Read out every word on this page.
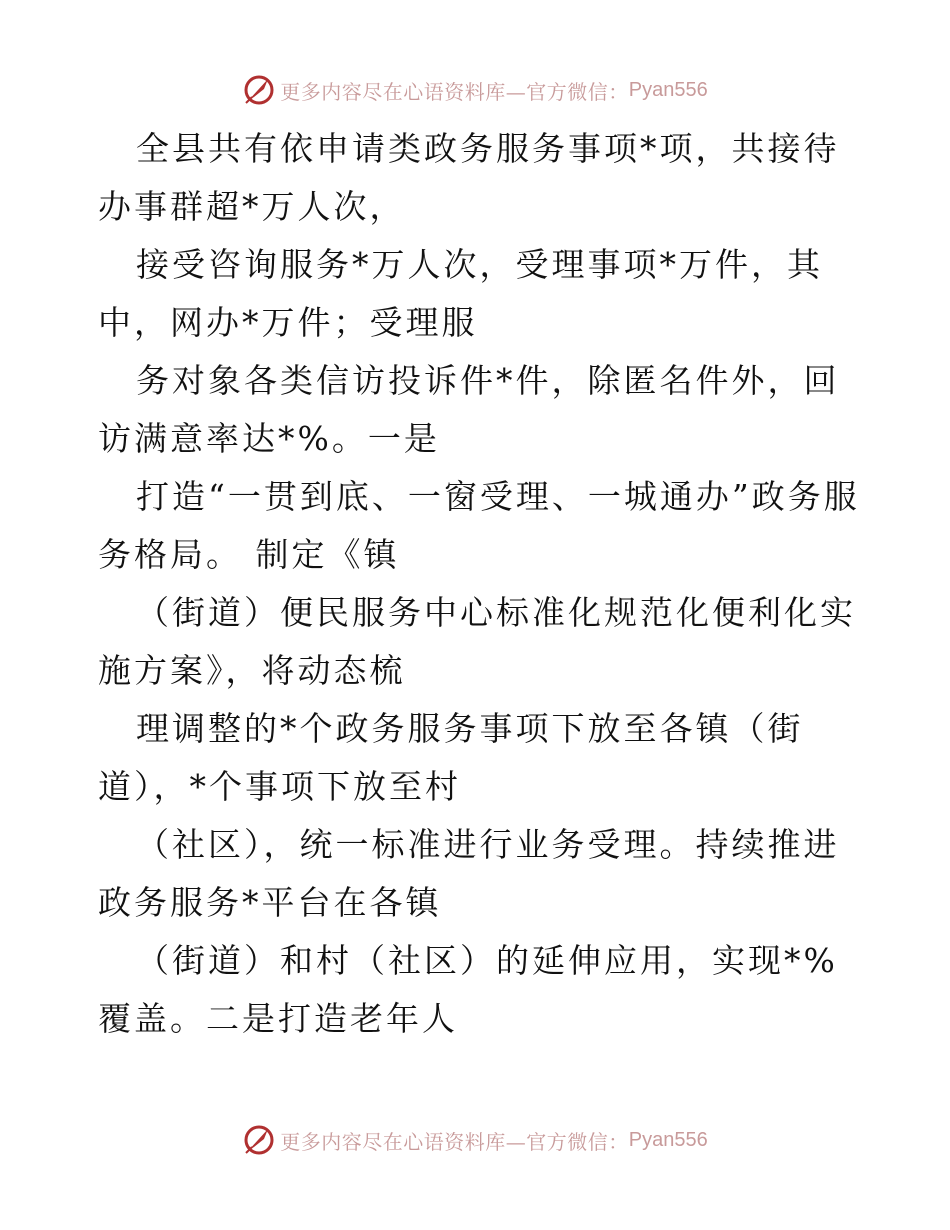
更多内容尽在心语资料库—官方微信： Pyan556

全县共有依申请类政务服务事项*项，共接待办事群超*万人次，

接受咨询服务*万人次，受理事项*万件，其中，网办*万件；受理服

务对象各类信访投诉件*件，除匿名件外，回访满意率达*%。一是

打造“一贯到底、一窗受理、一城通办”政务服务格局。 制定《镇

（街道）便民服务中心标准化规范化便利化实施方案》，将动态梳

理调整的*个政务服务事项下放至各镇（街道），*个事项下放至村

（社区），统一标准进行业务受理。持续推进政务服务*平台在各镇

（街道）和村（社区）的延伸应用，实现*%覆盖。二是打造老年人

更多内容尽在心语资料库—官方微信： Pyan556
